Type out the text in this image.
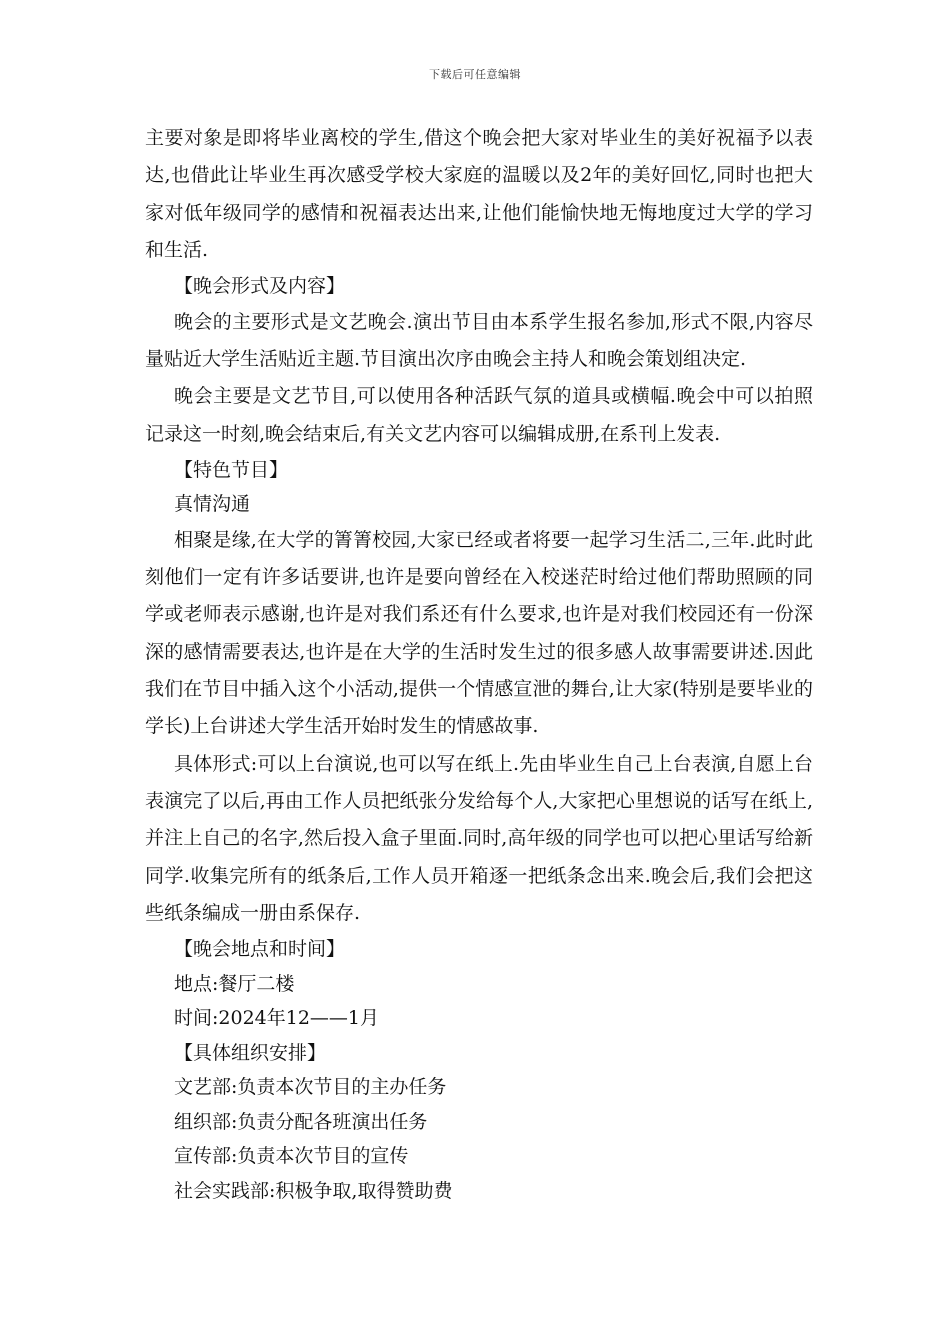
下载后可任意编辑

主要对象是即将毕业离校的学生,借这个晚会把大家对毕业生的美好祝福予以表达,也借此让毕业生再次感受学校大家庭的温暖以及2年的美好回忆,同时也把大家对低年级同学的感情和祝福表达出来,让他们能愉快地无悔地度过大学的学习和生活.

【晚会形式及内容】

晚会的主要形式是文艺晚会.演出节目由本系学生报名参加,形式不限,内容尽量贴近大学生活贴近主题.节目演出次序由晚会主持人和晚会策划组决定.

晚会主要是文艺节目,可以使用各种活跃气氛的道具或横幅.晚会中可以拍照记录这一时刻,晚会结束后,有关文艺内容可以编辑成册,在系刊上发表.

【特色节目】

真情沟通

相聚是缘,在大学的箐箐校园,大家已经或者将要一起学习生活二,三年.此时此刻他们一定有许多话要讲,也许是要向曾经在入校迷茫时给过他们帮助照顾的同学或老师表示感谢,也许是对我们系还有什么要求,也许是对我们校园还有一份深深的感情需要表达,也许是在大学的生活时发生过的很多感人故事需要讲述.因此我们在节目中插入这个小活动,提供一个情感宣泄的舞台,让大家(特别是要毕业的学长)上台讲述大学生活开始时发生的情感故事.

具体形式:可以上台演说,也可以写在纸上.先由毕业生自己上台表演,自愿上台表演完了以后,再由工作人员把纸张分发给每个人,大家把心里想说的话写在纸上,并注上自己的名字,然后投入盒子里面.同时,高年级的同学也可以把心里话写给新同学.收集完所有的纸条后,工作人员开箱逐一把纸条念出来.晚会后,我们会把这些纸条编成一册由系保存.

【晚会地点和时间】

地点:餐厅二楼

时间:2024年12——1月

【具体组织安排】

文艺部:负责本次节目的主办任务

组织部:负责分配各班演出任务

宣传部:负责本次节目的宣传

社会实践部:积极争取,取得赞助费
